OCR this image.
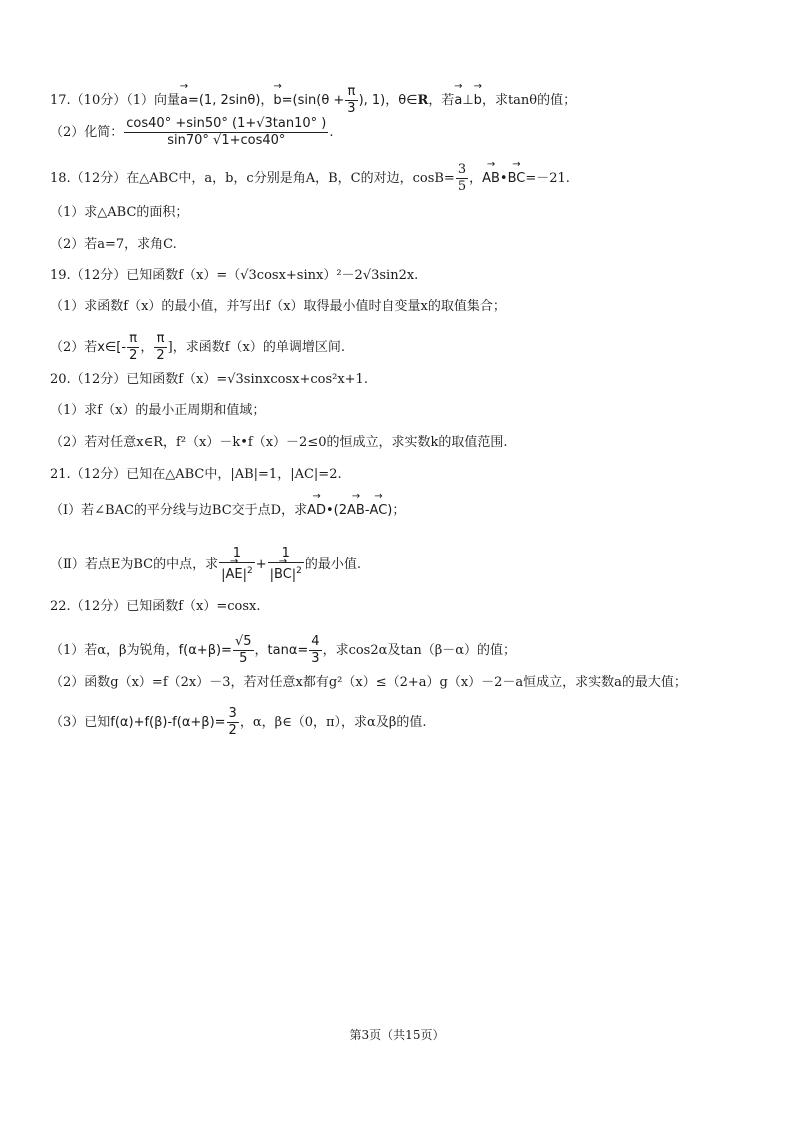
17.（10分）（1）向量→ a=(1, 2sinθ)，→ $b=(\sin(\theta + \frac{\pi}{3}$ ), 1)，θ∈R，若→ a⊥→ b，求tanθ的值；
（2）化简： $\frac{\cos 40^\circ +\sin 50^\circ (1+√3\tan 10^\circ )}{\sin 70^\circ √1+\cos 40^\circ}$ .
18.（12分）在△ABC中，a，b，c分别是角A，B，C的对边，$\cos B= \frac{3}{5}$ ，→ AB•→ BC=－21.
（1）求△ABC的面积；
（2）若a=7，求角C.
19.（12分）已知函数f（x）=（√3cosx+sinx）²－2√3sin2x.
（1）求函数f（x）的最小值，并写出f（x）取得最小值时自变量x的取值集合；
（2）若x∈[- $\frac{\pi}{2}$ ， $\frac{\pi}{2}$ ]，求函数f（x）的单调增区间.
20.（12分）已知函数f（x）=√3sinxcosx+cos²x+1.
（1）求f（x）的最小正周期和值域；
（2）若对任意x∈R，f²（x）－k•f（x）－2≤0的恒成立，求实数k的取值范围.
21.（12分）已知在△ABC中，|AB|=1，|AC|=2.
（Ⅰ）若∠BAC的平分线与边BC交于点D，求→ AD•(2→ AB-→ AC)；
（Ⅱ）若点E为BC的中点，求 $\frac{1}{|\to AE|^2} + \frac{1}{|\to BC|^2}$ 的最小值.
22.（12分）已知函数f（x）=cosx.
（1）若α，β为锐角，$f(\alpha+\beta)= \frac{√5}{5}$ ，$\tan\alpha= \frac{4}{3}$ ，求cos2α及tan（β－α）的值；
（2）函数g（x）=f（2x）－3，若对任意x都有g²（x）≤（2+a）g（x）－2－a恒成立，求实数a的最大值；
（3）已知$f(\alpha)+f(\beta)-f(\alpha+\beta)= \frac{3}{2}$ ，α，β∈（0，π），求α及β的值.
第3页（共15页）
